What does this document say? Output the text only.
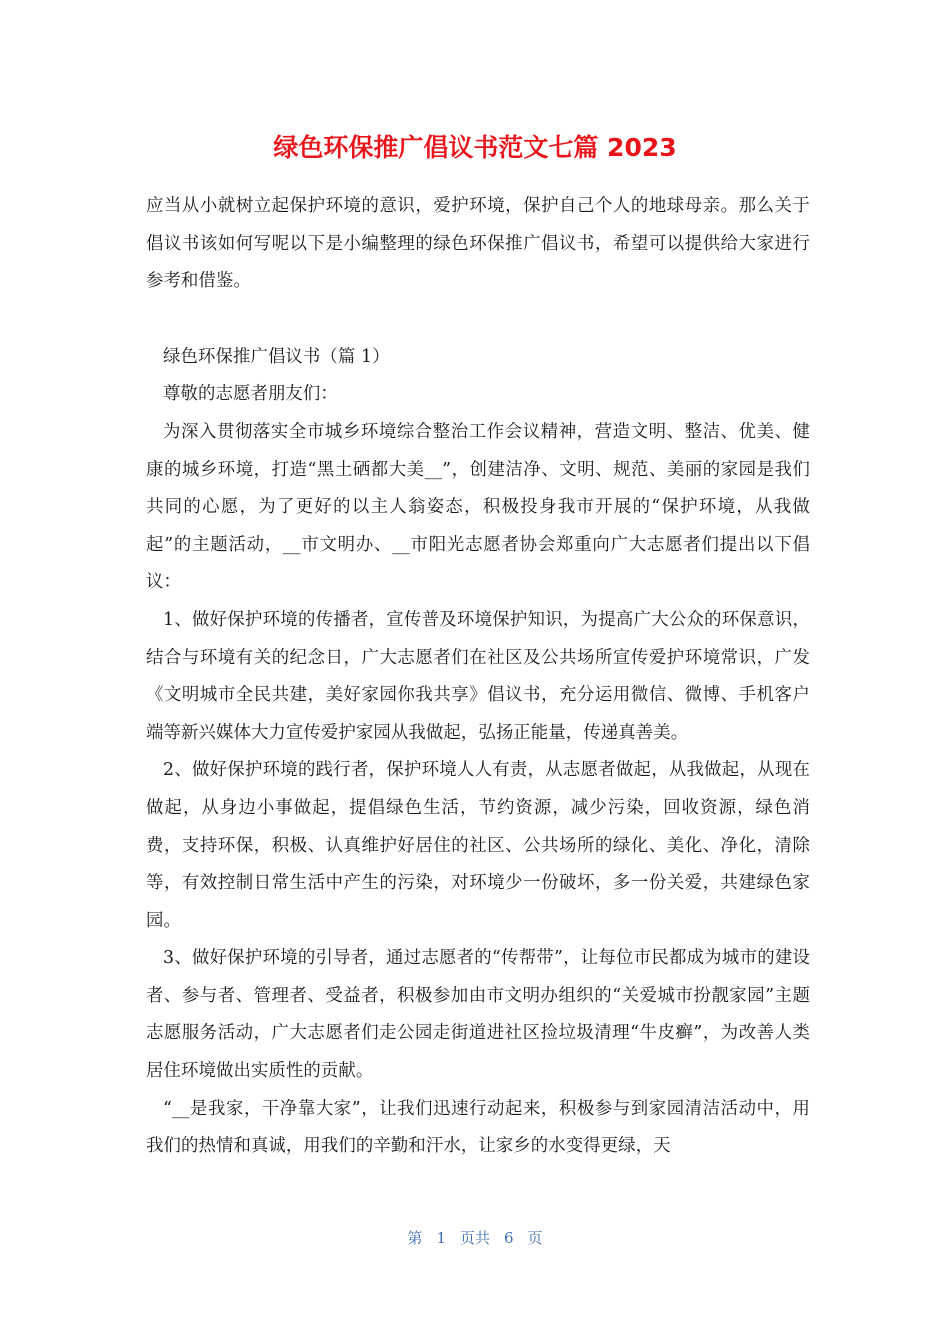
绿色环保推广倡议书范文七篇 2023

应当从小就树立起保护环境的意识，爱护环境，保护自己个人的地球母亲。那么关于倡议书该如何写呢以下是小编整理的绿色环保推广倡议书，希望可以提供给大家进行参考和借鉴。

绿色环保推广倡议书（篇 1）

尊敬的志愿者朋友们：

为深入贯彻落实全市城乡环境综合整治工作会议精神，营造文明、整洁、优美、健康的城乡环境，打造“黑土硒都大美__”，创建洁净、文明、规范、美丽的家园是我们共同的心愿，为了更好的以主人翁姿态，积极投身我市开展的“保护环境，从我做起”的主题活动，__市文明办、__市阳光志愿者协会郑重向广大志愿者们提出以下倡议：

1、做好保护环境的传播者，宣传普及环境保护知识，为提高广大公众的环保意识，结合与环境有关的纪念日，广大志愿者们在社区及公共场所宣传爱护环境常识，广发《文明城市全民共建，美好家园你我共享》倡议书，充分运用微信、微博、手机客户端等新兴媒体大力宣传爱护家园从我做起，弘扬正能量，传递真善美。

2、做好保护环境的践行者，保护环境人人有责，从志愿者做起，从我做起，从现在做起，从身边小事做起，提倡绿色生活，节约资源，减少污染，回收资源，绿色消费，支持环保，积极、认真维护好居住的社区、公共场所的绿化、美化、净化，清除等，有效控制日常生活中产生的污染，对环境少一份破坏，多一份关爱，共建绿色家园。

3、做好保护环境的引导者，通过志愿者的“传帮带”，让每位市民都成为城市的建设者、参与者、管理者、受益者，积极参加由市文明办组织的“关爱城市扮靓家园”主题志愿服务活动，广大志愿者们走公园走街道进社区捡垃圾清理“牛皮癣”，为改善人类居住环境做出实质性的贡献。

“__是我家，干净靠大家”，让我们迅速行动起来，积极参与到家园清洁活动中，用我们的热情和真诚，用我们的辛勤和汗水，让家乡的水变得更绿，天

第 1 页共 6 页
